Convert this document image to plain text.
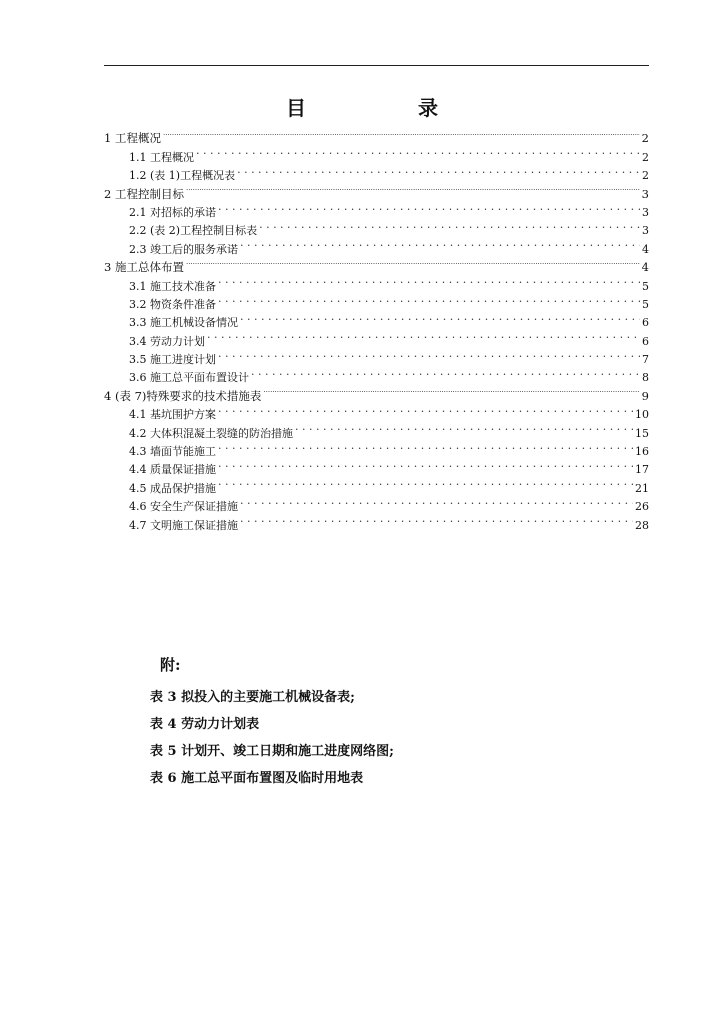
目　录
1 工程概况 .....	2
1.1 工程概况 . . .	2
1.2 (表 1)工程概况表 . . .	2
2 工程控制目标 .....	3
2.1 对招标的承诺 . . .	3
2.2 (表 2)工程控制目标表 . . .	3
2.3 竣工后的服务承诺 . . .	4
3 施工总体布置 .....	4
3.1 施工技术准备 . . .	5
3.2 物资条件准备 . . .	5
3.3 施工机械设备情况 . . .	6
3.4 劳动力计划 . . .	6
3.5 施工进度计划 . . .	7
3.6 施工总平面布置设计 . . .	8
4 (表 7)特殊要求的技术措施表 .....	9
4.1 基坑围护方案 . . .	10
4.2 大体积混凝土裂缝的防治措施 . . .	15
4.3 墙面节能施工 . . .	16
4.4 质量保证措施 . . .	17
4.5 成品保护措施 . . .	21
4.6 安全生产保证措施 . . .	26
4.7 文明施工保证措施 . . .	28
附:
表 3 拟投入的主要施工机械设备表;
表 4 劳动力计划表
表 5 计划开、竣工日期和施工进度网络图;
表 6 施工总平面布置图及临时用地表
